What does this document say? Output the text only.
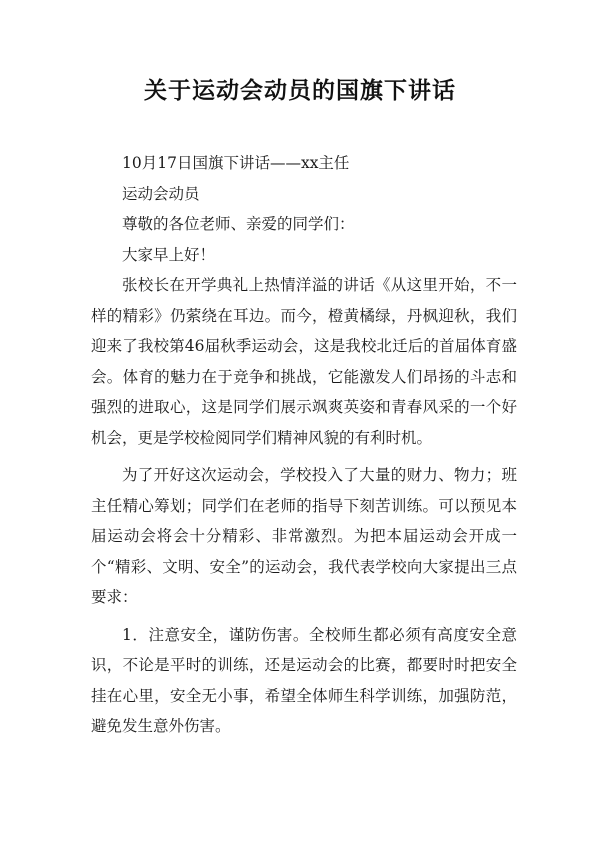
关于运动会动员的国旗下讲话

10月17日国旗下讲话——xx主任

运动会动员

尊敬的各位老师、亲爱的同学们：

大家早上好！

张校长在开学典礼上热情洋溢的讲话《从这里开始，不一样的精彩》仍萦绕在耳边。而今，橙黄橘绿，丹枫迎秋，我们迎来了我校第46届秋季运动会，这是我校北迁后的首届体育盛会。体育的魅力在于竞争和挑战，它能激发人们昂扬的斗志和强烈的进取心，这是同学们展示飒爽英姿和青春风采的一个好机会，更是学校检阅同学们精神风貌的有利时机。

为了开好这次运动会，学校投入了大量的财力、物力；班主任精心筹划；同学们在老师的指导下刻苦训练。可以预见本届运动会将会十分精彩、非常激烈。为把本届运动会开成一个“精彩、文明、安全”的运动会，我代表学校向大家提出三点要求：

1．注意安全，谨防伤害。全校师生都必须有高度安全意识，不论是平时的训练，还是运动会的比赛，都要时时把安全挂在心里，安全无小事，希望全体师生科学训练，加强防范，避免发生意外伤害。
